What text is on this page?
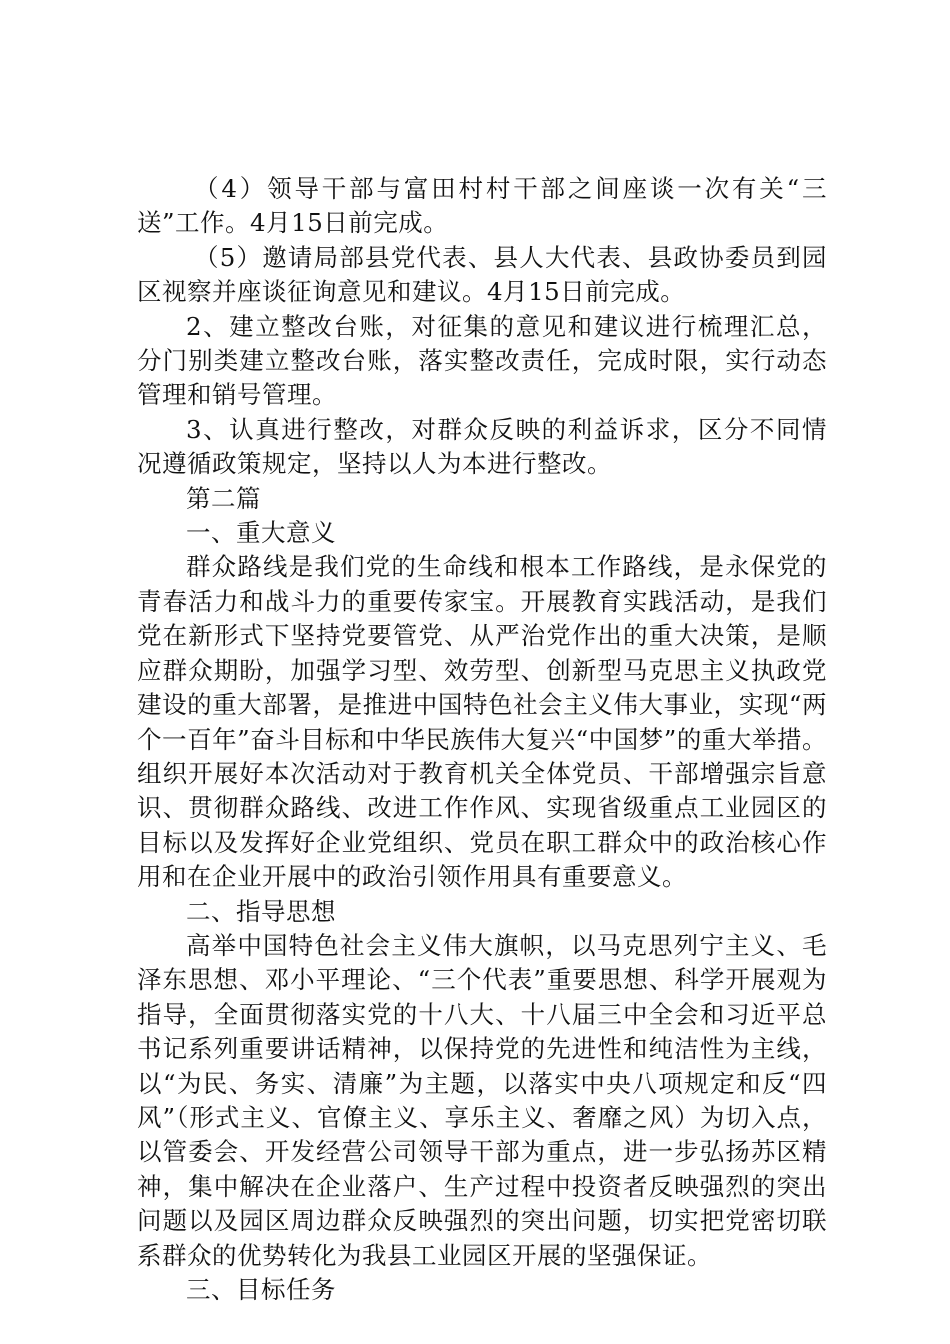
（4）领导干部与富田村村干部之间座谈一次有关“三送”工作。4月15日前完成。

（5）邀请局部县党代表、县人大代表、县政协委员到园区视察并座谈征询意见和建议。4月15日前完成。

2、建立整改台账，对征集的意见和建议进行梳理汇总，分门别类建立整改台账，落实整改责任，完成时限，实行动态管理和销号管理。

3、认真进行整改，对群众反映的利益诉求，区分不同情况遵循政策规定，坚持以人为本进行整改。

第二篇

一、重大意义

群众路线是我们党的生命线和根本工作路线，是永保党的青春活力和战斗力的重要传家宝。开展教育实践活动，是我们党在新形式下坚持党要管党、从严治党作出的重大决策，是顺应群众期盼，加强学习型、效劳型、创新型马克思主义执政党建设的重大部署，是推进中国特色社会主义伟大事业，实现“两个一百年”奋斗目标和中华民族伟大复兴“中国梦”的重大举措。组织开展好本次活动对于教育机关全体党员、干部增强宗旨意识、贯彻群众路线、改进工作作风、实现省级重点工业园区的目标以及发挥好企业党组织、党员在职工群众中的政治核心作用和在企业开展中的政治引领作用具有重要意义。

二、指导思想

高举中国特色社会主义伟大旗帜，以马克思列宁主义、毛泽东思想、邓小平理论、“三个代表”重要思想、科学开展观为指导，全面贯彻落实党的十八大、十八届三中全会和习近平总书记系列重要讲话精神，以保持党的先进性和纯洁性为主线，以“为民、务实、清廉”为主题，以落实中央八项规定和反“四风”（形式主义、官僚主义、享乐主义、奢靡之风）为切入点，以管委会、开发经营公司领导干部为重点，进一步弘扬苏区精神，集中解决在企业落户、生产过程中投资者反映强烈的突出问题以及园区周边群众反映强烈的突出问题，切实把党密切联系群众的优势转化为我县工业园区开展的坚强保证。

三、目标任务
